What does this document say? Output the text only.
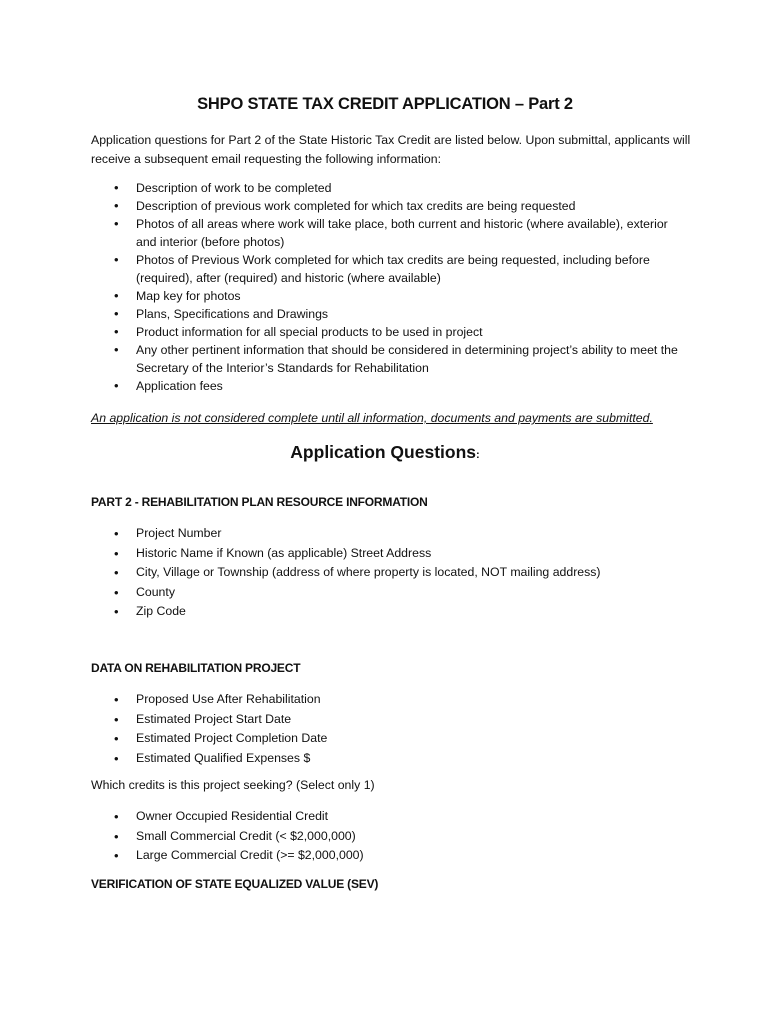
SHPO STATE TAX CREDIT APPLICATION – Part 2
Application questions for Part 2 of the State Historic Tax Credit are listed below. Upon submittal, applicants will receive a subsequent email requesting the following information:
• Description of work to be completed
• Description of previous work completed for which tax credits are being requested
• Photos of all areas where work will take place, both current and historic (where available), exterior and interior (before photos)
• Photos of Previous Work completed for which tax credits are being requested, including before (required), after (required) and historic (where available)
• Map key for photos
• Plans, Specifications and Drawings
• Product information for all special products to be used in project
• Any other pertinent information that should be considered in determining project’s ability to meet the Secretary of the Interior’s Standards for Rehabilitation
• Application fees
An application is not considered complete until all information, documents and payments are submitted.
Application Questions:
PART 2 - REHABILITATION PLAN RESOURCE INFORMATION
• Project Number
• Historic Name if Known (as applicable) Street Address
• City, Village or Township (address of where property is located, NOT mailing address)
• County
• Zip Code
DATA ON REHABILITATION PROJECT
• Proposed Use After Rehabilitation
• Estimated Project Start Date
• Estimated Project Completion Date
• Estimated Qualified Expenses $
Which credits is this project seeking? (Select only 1)
• Owner Occupied Residential Credit
• Small Commercial Credit (< $2,000,000)
• Large Commercial Credit (>= $2,000,000)
VERIFICATION OF STATE EQUALIZED VALUE (SEV)
